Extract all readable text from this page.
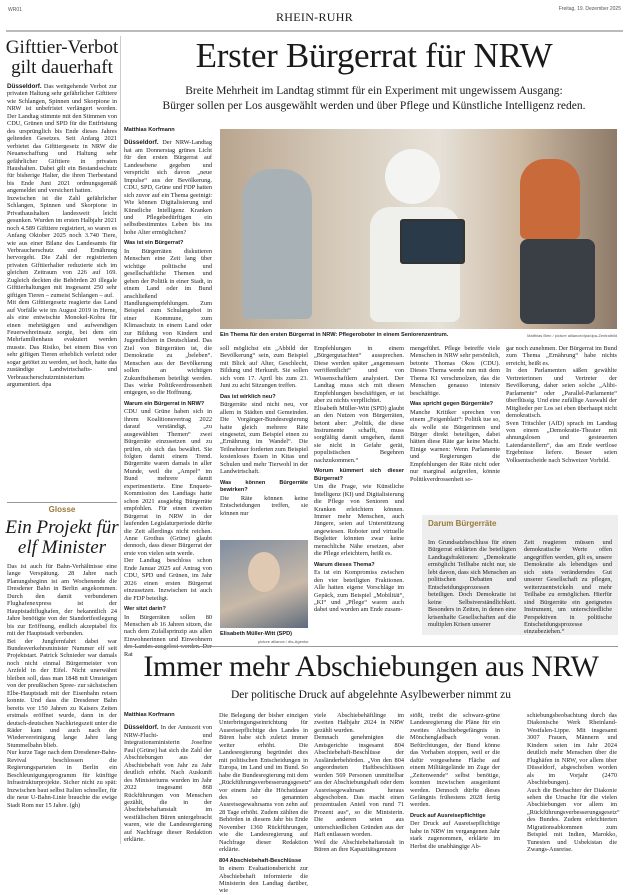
WR01	Freitag, 19. Dezember 2025
RHEIN-RUHR
Gifttier-Verbot gilt dauerhaft

Düsseldorf. Das weitgehende Verbot zur privaten Haltung sehr gefährlicher Gifttiere wie Schlangen, Spinnen und Skorpione in NRW ist unbefristet verlängert worden. Der Landtag stimmte mit den Stimmen von CDU, Grünen und SPD für die Entfristung des ursprünglich bis Ende dieses Jahres geltenden Gesetzes. Seit Anfang 2021 verbietet das Gifttiergesetz in NRW die Neuanschaffung und Haltung sehr gefährlicher Gifttiere in privaten Haushalten. Dabei gilt ein Bestandsschutz für bisherige Halter, die ihren Tierbestand bis Ende Juni 2021 ordnungsgemäß angemeldet und versichert hatten.

Inzwischen ist die Zahl gefährlicher Schlangen, Spinnen und Skorpione in Privathaushalten landesweit leicht gesunken. Wurden im ersten Halbjahr 2021 noch 4.589 Gifttiere registriert, so waren es Anfang Oktober 2025 noch 3.740 Tiere, wie aus einer Bilanz des Landesamts für Verbraucherschutz und Ernährung hervorgeht. Die Zahl der registrierten privaten Gifttierhalter reduzierte sich im gleichen Zeitraum von 226 auf 169. Zugleich deckten die Behörden 20 illegale Gifttierhaltungen mit insgesamt 250 sehr giftigen Tieren – zumeist Schlangen – auf.

Mit dem Gifttiergesetz reagierte das Land auf Vorfälle wie im August 2019 in Herne, als eine entwischte Monokel-Kobra für einen mehrtägigen und aufwendigen Feuerwehreinsatz sorgte, bei dem ein Mehrfamilienhaus evakuiert werden musste. Das Risiko, bei einem Biss von sehr giftigen Tieren erheblich verletzt oder sogar getötet zu werden, sei hoch, hatte das zuständige Landwirtschafts- und Verbraucherschutzministerium argumentiert. dpa

Glosse
Ein Projekt für elf Minister

Das ist auch für Bahn-Verhältnisse eine lange Verspätung. 28 Jahre nach Planungsbeginn ist am Wochenende die Dresdener Bahn in Berlin angekommen. Durch den damit verbundenen Flughafenexpress ist der Hauptstadtflughafen, der bekanntlich 24 Jahre benötigte von der Standortfestlegung bis zur Eröffnung, endlich akzeptabel fix mit der Hauptstadt verbunden.

Bei der Jungfernfahrt dabei war Bundesverkehrsminister Nummer elf seit Projektstart. Patrick Schnieder war damals noch nicht einmal Bürgermeister von Arzfeld in der Eifel. Nicht unerwähnt bleiben soll, dass man 1848 mit Umsteigen von der preußischen Spree- zur sächsischen Elbe-Hauptstadt mit der Eisenbahn reisen konnte. Und dass die Dresdener Bahn bereits vor 150 Jahren zu Kaisers Zeiten erstmals eröffnet wurde, dann in der deutsch-deutschen Nachkriegszeit unter die Räder kam und auch nach der Wiedervereinigung lange Jahre lang Stummelbahn blieb.

Nur kurze Tage nach dem Dresdener-Bahn-Revival beschlossen die Regierungsparteien in Berlin ein Beschleunigungsprogramm für künftige Infrastrukturprojekte. Sicher nicht zu spät: Inzwischen baut selbst Italien schneller, für die neue U-Bahn-Linie brauchte die ewige Stadt Rom nur 15 Jahre. (gh)

Erster Bürgerrat für NRW
Breite Mehrheit im Landtag stimmt für ein Experiment mit ungewissem Ausgang:
Bürger sollen per Los ausgewählt werden und über Pflege und Künstliche Intelligenz reden.
Matthias Korfmann

Düsseldorf. Der NRW-Landtag hat am Donnerstag grünes Licht für den ersten Bürgerrat auf Landesebene gegeben und verspricht sich davon „neue Impulse“ aus der Bevölkerung. CDU, SPD, Grüne und FDP hatten sich zuvor auf ein Thema geeinigt: Wie können Digitalisierung und Künstliche Intelligenz Kranken und Pflegebedürftigen ein selbstbestimmtes Leben bis ins hohe Alter ermöglichen?

Was ist ein Bürgerrat?

In Bürgerräten diskutieren Menschen eine Zeit lang über wichtige politische und gesellschaftliche Themen und geben der Politik in einer Stadt, in einem Land oder im Bund anschließend Handlungsempfehlungen. Zum Beispiel zum Schulangebot in einer Kommune, zum Klimaschutz in einem Land oder zur Bildung von Kindern und Jugendlichen in Deutschland. Das Ziel von Bürgerräten ist, die Demokratie zu „beleben“. Menschen aus der Bevölkerung sollen an wichtigen Zukunftsthemen beteiligt werden. Das wirke Politikverdrossenheit entgegen, so die Hoffnung.

Warum ein Bürgerrat in NRW?

CDU und Grüne haben sich in ihrem Koalitionsvertrag 2022 darauf verständigt, „zu ausgewählten Themen“ zwei Bürgerräte einzusetzen und zu prüfen, ob sich das bewährt. Sie folgten damit einem Trend. Bürgerräte waren damals in aller Munde, weil die „Ampel“ im Bund mehrere damit experimentierte. Eine Enquete-Kommission des Landtags hatte schon 2021 ausgiebig Bürgerräte empfohlen. Für einen zweiten Bürgerrat in NRW in der laufenden Legislaturperiode dürfte die Zeit allerdings nicht reichen. Anne Grothus (Grüne) glaubt dennoch, dass dieser Bürgerrat der erste von vielen sein werde.

Der Landtag beschloss schon Ende Januar 2025 auf Antrag von CDU, SPD und Grünen, im Jahr 2026 einen ersten Bürgerrat einzusetzen. Inzwischen ist auch die FDP beteiligt.

Wer sitzt darin?

In Bürgerräten sollen 80 Menschen ab 16 Jahren sitzen, die nach dem Zufallsprinzip aus allen Einwohnerinnen und Einwohnern Rat

Ein Thema für den ersten Bürgerrat in NRW: Pflegeroboter in einem Seniorenzentrum.	Matthias Bein / picture alliance/dpa/dpa-Zentralbild

soll möglichst ein „Abbild der Bevölkerung“ sein, zum Beispiel mit Blick auf Alter, Geschlecht, Bildung und Herkunft. Sie sollen sich vom 17. April bis zum 23. Juni zu acht Sitzungen treffen.

Das ist wirklich neu?

Bürgerräte sind nicht neu, vor allem in Städten und Gemeinden. Die Vorgänger-Bundesregierung hatte gleich mehrere Räte eingesetzt, zum Beispiel einen zu „Ernährung im Wandel“. Die Teilnehmer forderten zum Beispiel kostenloses Essen in Kitas und Schulen und mehr Tierwohl in der Landwirtschaft.

Was können Bürgerräte bewirken?

Die Räte können keine Entscheidungen treffen, sie können nur

Elisabeth Müller-Witt (SPD)
picture alliance / dts-Agentur

Empfehlungen in einem „Bürgergutachten“ aussprechen. Diese werden später „angemessen veröffentlicht“ und von Wissenschaftlern analysiert. Der Landtag muss sich mit diesen Empfehlungen beschäftigen, er ist aber zu nichts verpflichtet.

Elisabeth Müller-Witt (SPD) glaubt an den Nutzen von Bürgerräten, betont aber: „Politik, die diese Instrumente schafft, muss sorgfältig damit umgehen, damit sie nicht in Gefahr gerät, populistischen Begehren nachzukommen.“

Worum kümmert sich dieser Bürgerrat?

Um die Frage, wie Künstliche Intelligenz (KI) und Digitalisierung die Pflege von Senioren und Kranken erleichtern können. Immer mehr Menschen, auch Jüngere, seien auf Unterstützung angewiesen. Roboter und virtuelle Begleiter könnten zwar keine menschliche Nähe ersetzen, aber die Pflege erleichtern, heißt es.

Warum dieses Thema?

Es ist ein Kompromiss zwischen den vier beteiligten Fraktionen. Alle hatten eigene Vorschläge im Gepäck, zum Beispiel „Mobilität“, „KI“ und „Pflege“ waren auch dabei und wurden am Ende zusam-

mengeführt. Pflege betreffe viele Menschen in NRW sehr persönlich, betonte Thomas Okos (CDU). Dieses Thema werde nun mit dem Thema KI verschmolzen, das die Menschen genauso intensiv beschäftige.

Was spricht gegen Bürgerräte?

Manche Kritiker sprechen von einem „Feigenblatt“: Politik tue so, als wolle sie Bürgerinnen und Bürger direkt beteiligen, dabei hätten diese Räte gar keine Macht. Einige warnen: Wenn Parlamente und Regierungen die Empfehlungen der Räte nicht oder nur marginal aufgreifen, könnte Politikverdrossenheit so-

gar noch zunehmen. Der Bürgerrat im Bund zum Thema „Ernährung“ habe nichts erreicht, heißt es.

In den Parlamenten säßen gewählte Vertreterinnen und Vertreter der Bevölkerung, daher seien solche „Alibi-Parlamente“ oder „Parallel-Parlamente“ überflüssig. Und eine zufällige Auswahl der Mitglieder per Los sei eben überhaupt nicht demokratisch.

Sven Tritschler (AfD) sprach im Landtag von einem „Demokratie-Theater mit ahnungslosen und gesteuerten Laiendarstellern“, das am Ende wertlose Ergebnisse liefere. Besser seien Volksentscheide nach Schweizer Vorbild.

Darum Bürgerräte

Im Grundsatzbeschluss für einen Bürgerrat erklärten die beteiligten Landtagsfraktionen: „Demokratie ermöglicht Teilhabe nicht nur, sie lebt davon, dass sich Menschen an politischen Debatten und Entscheidungsprozessen beteiligen. Doch Demokratie ist keine Selbstverständlichkeit. Besonders in Zeiten, in denen eine krisenhafte Gesellschaften auf die multiplen Krisen unserer

Zeit reagieren müssen und demokratische Werte offen angegriffen werden, gilt es, unsere Demokratie als lebendiges und sich stets veränderndes Gut unserer Gesellschaft zu pflegen, weiterzuentwickeln und mehr Teilhabe zu ermöglichen. Hierfür sind Bürgerräte ein geeignetes Instrument, um unterschiedliche Perspektiven in politische Entscheidungsprozesse einzubeziehen.“

Immer mehr Abschiebungen aus NRW
Der politische Druck auf abgelehnte Asylbewerber nimmt zu
Matthias Korfmann

Düsseldorf. In der Amtszeit von NRW-Flucht- und Integrationsministerin Josefine Paul (Grüne) hat sich die Zahl der Abschiebungen aus der Abschiebehaft von Jahr zu Jahr deutlich erhöht. Nach Auskunft des Ministeriums wurden im Jahr 2022 insgesamt 868 Rückführungen von Menschen gezählt, die in der Abschiebehaftanstalt im westfälischen Büren untergebracht waren, wie die Landesregierung auf Nachfrage dieser Redaktion erklärte.

Die Belegung der bisher einzigen Unterbringungseinrichtung für Ausreisepflichtige des Landes in Büren habe sich zuletzt immer weiter erhöht. Die Landesregierung begründet dies mit politischen Entscheidungen in Europa, im Land und im Bund. So habe die Bundesregierung mit dem „Rückführungsverbesserungsgesetz“ vor einem Jahr die Höchstdauer des so genannten Ausreisegewahrsams von zehn auf 28 Tage erhöht. Zudem zählten die Behörden in diesem Jahr bis Ende November 1360 Rückführungen, wie die Landesregierung auf Nachfrage dieser Redaktion erklärte.

804 Abschiebehaft-Beschlüsse

In einem Evaluationsbericht zur Abschiebehaft informierte die Ministerin den Landtag darüber, wie

viele Abschiebehäftlinge im zweiten Halbjahr 2024 in NRW gezählt wurden.

Demnach genehmigten die Amtsgerichte insgesamt 804 Abschiebehaft-Beschlüsse der Ausländerbehörden. „Von den 804 angeordneten Haftbeschlüssen wurden 569 Personen unmittelbar aus der Abschiebungshaft oder dem Ausreisegewahrsam heraus abgeschoben. Das macht einen prozentualen Anteil von rund 71 Prozent aus“, so die Ministerin. Die anderen seien aus unterschiedlichen Gründen aus der Haft entlassen worden.

Weil die Abschiebehaftanstalt in Büren an ihre Kapazitätsgrenzen

stößt, treibt die schwarz-grüne Landesregierung die Pläne für ein zweites Abschiebegefängnis in Mönchengladbach voran. Befürchtungen, der Bund könne das Vorhaben stoppen, weil er die dafür vorgesehene Fläche auf einem Militärgelände im Zuge der „Zeitenwende“ selbst benötige, konnten inzwischen ausgeräumt werden. Dennoch dürfte dieses Gefängnis frühestens 2028 fertig werden.

Druck auf Ausreisepflichtige

Der Druck auf Ausreisepflichtige habe in NRW im vergangenen Jahr stark zugenommen, erklärte im Herbst die unabhängige Ab-

schiebungsbeobachtung durch das Diakonische Werk Rheinland-Westfalen-Lippe. Mit insgesamt 3007 Frauen, Männern und Kindern seien im Jahr 2024 deutlich mehr Menschen über die Flughäfen in NRW, vor allem über Düsseldorf, abgeschoben worden als im Vorjahr (2470 Abschiebungen).

Auch die Beobachter der Diakonie sehen die Ursache für die vielen Abschiebungen vor allem im „Rückführungsverbesserungsgesetz“ des Bundes. Zudem erleichterten Migrationsabkommen zum Beispiel mit Indien, Marokko, Tunesien und Usbekistan die Zwangs-Ausreise.
